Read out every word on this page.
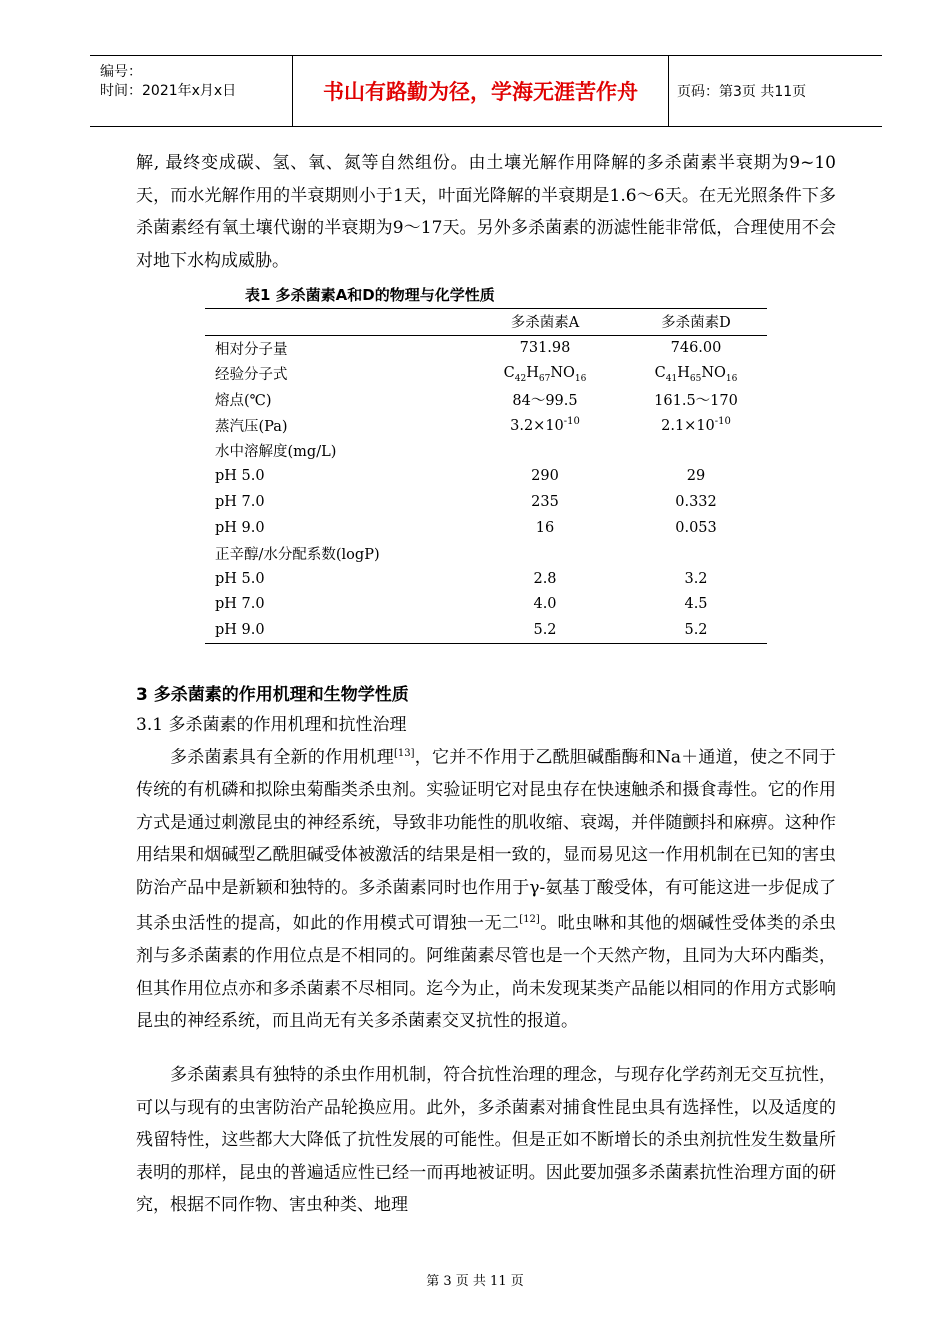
编号：
时间：2021年x月x日	书山有路勤为径，学海无涯苦作舟	页码：第3页 共11页
解, 最终变成碳、氢、氧、氮等自然组份。由土壤光解作用降解的多杀菌素半衰期为9~10天，而水光解作用的半衰期则小于1天，叶面光降解的半衰期是1.6～6天。在无光照条件下多杀菌素经有氧土壤代谢的半衰期为9～17天。另外多杀菌素的沥滤性能非常低，合理使用不会对地下水构成威胁。
表1 多杀菌素A和D的物理与化学性质
	多杀菌素A	多杀菌素D
相对分子量	731.98	746.00
经验分子式	$C_{42}H_{67}NO_{16}$	$C_{41}H_{65}NO_{16}$
熔点(℃)	84～99.5	161.5～170
蒸汽压(Pa)	$3.2\times 10^{-10}$	$2.1\times 10^{-10}$
水中溶解度(mg/L)		
pH 5.0	290	29
pH 7.0	235	0.332
pH 9.0	16	0.053
正辛醇/水分配系数(logP)		
pH 5.0	2.8	3.2
pH 7.0	4.0	4.5
pH 9.0	5.2	5.2
3 多杀菌素的作用机理和生物学性质
3.1 多杀菌素的作用机理和抗性治理
多杀菌素具有全新的作用机理[13]，它并不作用于乙酰胆碱酯酶和Na＋通道，使之不同于传统的有机磷和拟除虫菊酯类杀虫剂。实验证明它对昆虫存在快速触杀和摄食毒性。它的作用方式是通过刺激昆虫的神经系统，导致非功能性的肌收缩、衰竭，并伴随颤抖和麻痹。这种作用结果和烟碱型乙酰胆碱受体被激活的结果是相一致的，显而易见这一作用机制在已知的害虫防治产品中是新颖和独特的。多杀菌素同时也作用于γ-氨基丁酸受体，有可能这进一步促成了其杀虫活性的提高，如此的作用模式可谓独一无二[12]。吡虫啉和其他的烟碱性受体类的杀虫剂与多杀菌素的作用位点是不相同的。阿维菌素尽管也是一个天然产物，且同为大环内酯类，但其作用位点亦和多杀菌素不尽相同。迄今为止，尚未发现某类产品能以相同的作用方式影响昆虫的神经系统，而且尚无有关多杀菌素交叉抗性的报道。
多杀菌素具有独特的杀虫作用机制，符合抗性治理的理念，与现存化学药剂无交互抗性，可以与现有的虫害防治产品轮换应用。此外，多杀菌素对捕食性昆虫具有选择性，以及适度的残留特性，这些都大大降低了抗性发展的可能性。但是正如不断增长的杀虫剂抗性发生数量所表明的那样，昆虫的普遍适应性已经一而再地被证明。因此要加强多杀菌素抗性治理方面的研究，根据不同作物、害虫种类、地理
第 3 页 共 11 页
